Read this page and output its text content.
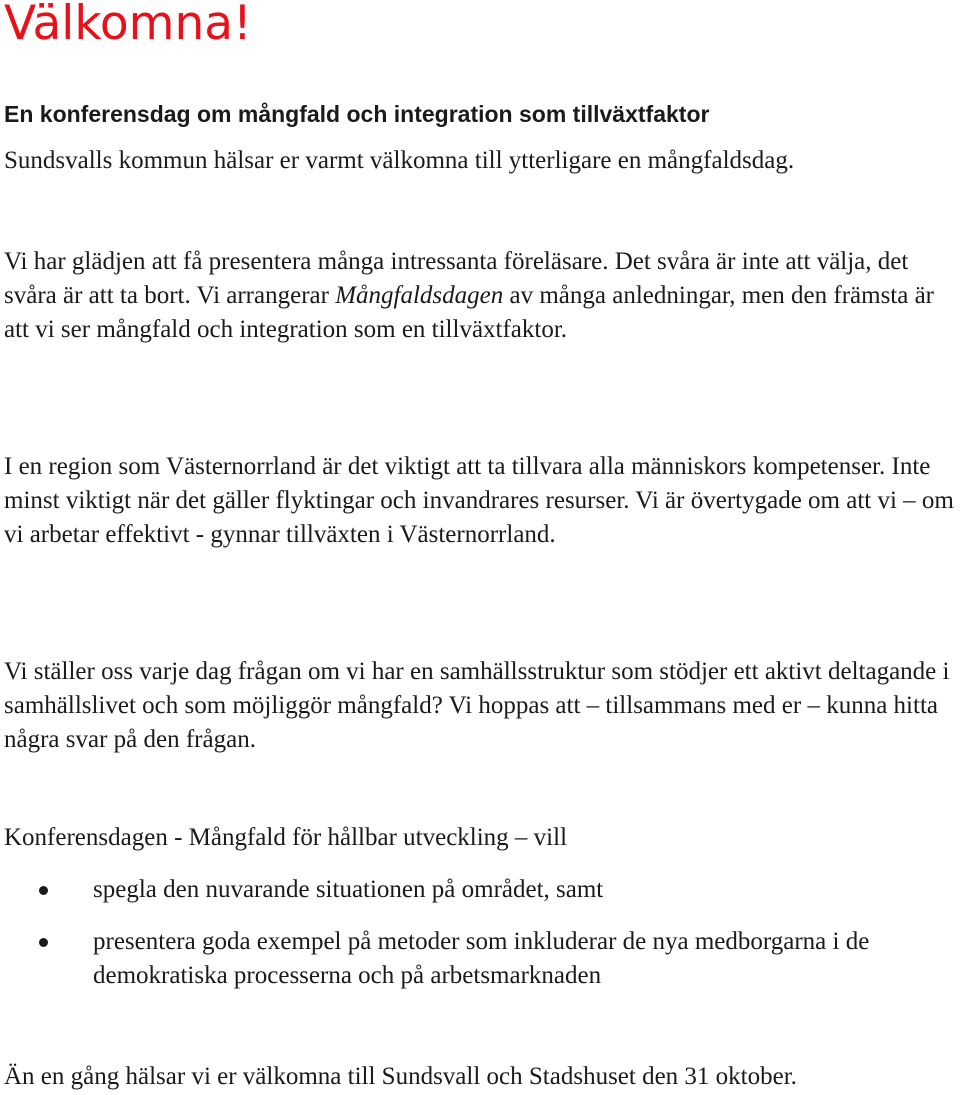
Välkomna!
En konferensdag om mångfald och integration som tillväxtfaktor

Sundsvalls kommun hälsar er varmt välkomna till ytterligare en mångfaldsdag.

Vi har glädjen att få presentera många intressanta föreläsare. Det svåra är inte att välja, det svåra är att ta bort. Vi arrangerar Mångfaldsdagen av många anledningar, men den främsta är att vi ser mångfald och integration som en tillväxtfaktor.

I en region som Västernorrland är det viktigt att ta tillvara alla människors kompetenser. Inte minst viktigt när det gäller flyktingar och invandrares resurser. Vi är övertygade om att vi – om vi arbetar effektivt - gynnar tillväxten i Västernorrland.

Vi ställer oss varje dag frågan om vi har en samhällsstruktur som stödjer ett aktivt deltagande i samhällslivet och som möjliggör mångfald? Vi hoppas att – tillsammans med er – kunna hitta några svar på den frågan.

Konferensdagen - Mångfald för hållbar utveckling – vill

spegla den nuvarande situationen på området, samt
presentera goda exempel på metoder som inkluderar de nya medborgarna i de demokratiska processerna och på arbetsmarknaden

Än en gång hälsar vi er välkomna till Sundsvall och Stadshuset den 31 oktober.
